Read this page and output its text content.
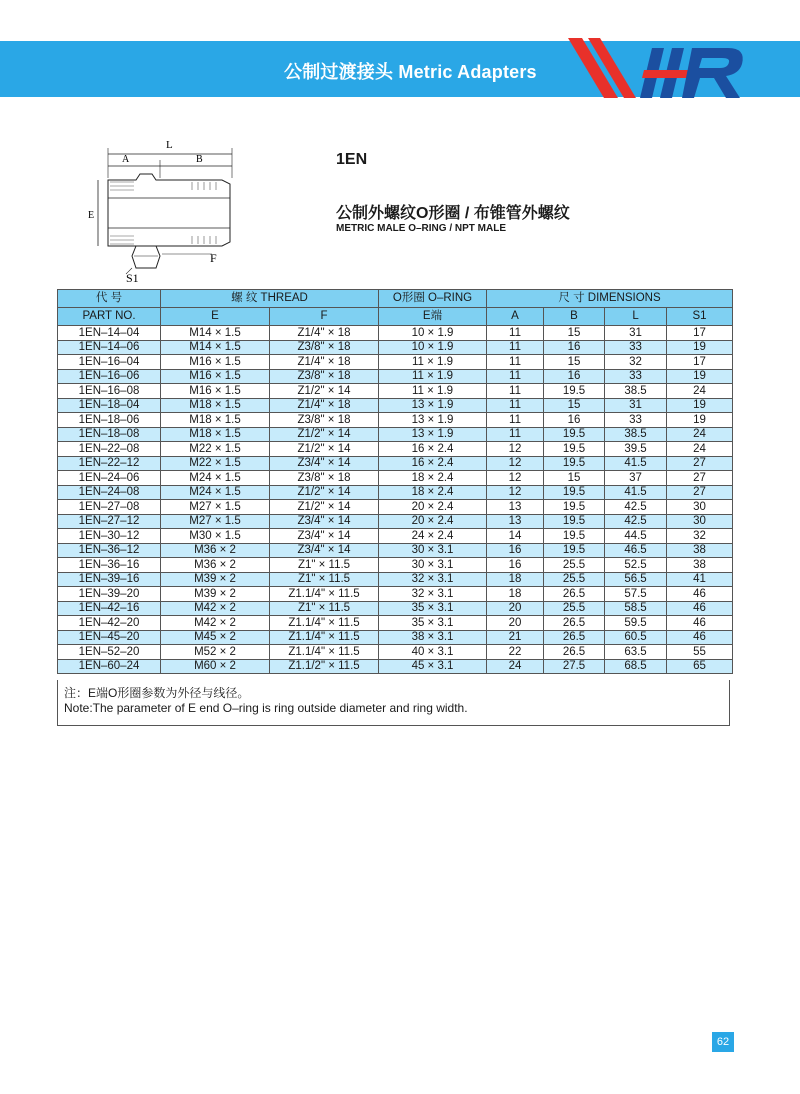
公制过渡接头 Metric Adapters
L
A	B
E
F
S1
1EN
公制外螺纹O形圈 / 布锥管外螺纹
METRIC MALE O–RING / NPT MALE
代 号	螺 纹 THREAD		O形圈 O–RING	尺 寸 DIMENSIONS			
PART NO.	E	F	E端	A	B	L	S1
1EN–14–04	M14 × 1.5	Z1/4" × 18	10 × 1.9	11	15	31	17
1EN–14–06	M14 × 1.5	Z3/8" × 18	10 × 1.9	11	16	33	19
1EN–16–04	M16 × 1.5	Z1/4" × 18	11 × 1.9	11	15	32	17
1EN–16–06	M16 × 1.5	Z3/8" × 18	11 × 1.9	11	16	33	19
1EN–16–08	M16 × 1.5	Z1/2" × 14	11 × 1.9	11	19.5	38.5	24
1EN–18–04	M18 × 1.5	Z1/4" × 18	13 × 1.9	11	15	31	19
1EN–18–06	M18 × 1.5	Z3/8" × 18	13 × 1.9	11	16	33	19
1EN–18–08	M18 × 1.5	Z1/2" × 14	13 × 1.9	11	19.5	38.5	24
1EN–22–08	M22 × 1.5	Z1/2" × 14	16 × 2.4	12	19.5	39.5	24
1EN–22–12	M22 × 1.5	Z3/4" × 14	16 × 2.4	12	19.5	41.5	27
1EN–24–06	M24 × 1.5	Z3/8" × 18	18 × 2.4	12	15	37	27
1EN–24–08	M24 × 1.5	Z1/2" × 14	18 × 2.4	12	19.5	41.5	27
1EN–27–08	M27 × 1.5	Z1/2" × 14	20 × 2.4	13	19.5	42.5	30
1EN–27–12	M27 × 1.5	Z3/4" × 14	20 × 2.4	13	19.5	42.5	30
1EN–30–12	M30 × 1.5	Z3/4" × 14	24 × 2.4	14	19.5	44.5	32
1EN–36–12	M36 × 2	Z3/4" × 14	30 × 3.1	16	19.5	46.5	38
1EN–36–16	M36 × 2	Z1" × 11.5	30 × 3.1	16	25.5	52.5	38
1EN–39–16	M39 × 2	Z1" × 11.5	32 × 3.1	18	25.5	56.5	41
1EN–39–20	M39 × 2	Z1.1/4" × 11.5	32 × 3.1	18	26.5	57.5	46
1EN–42–16	M42 × 2	Z1" × 11.5	35 × 3.1	20	25.5	58.5	46
1EN–42–20	M42 × 2	Z1.1/4" × 11.5	35 × 3.1	20	26.5	59.5	46
1EN–45–20	M45 × 2	Z1.1/4" × 11.5	38 × 3.1	21	26.5	60.5	46
1EN–52–20	M52 × 2	Z1.1/4" × 11.5	40 × 3.1	22	26.5	63.5	55
1EN–60–24	M60 × 2	Z1.1/2" × 11.5	45 × 3.1	24	27.5	68.5	65
注：E端O形圈参数为外径与线径。
Note:The parameter of E end O–ring is ring outside diameter and ring width.
62
